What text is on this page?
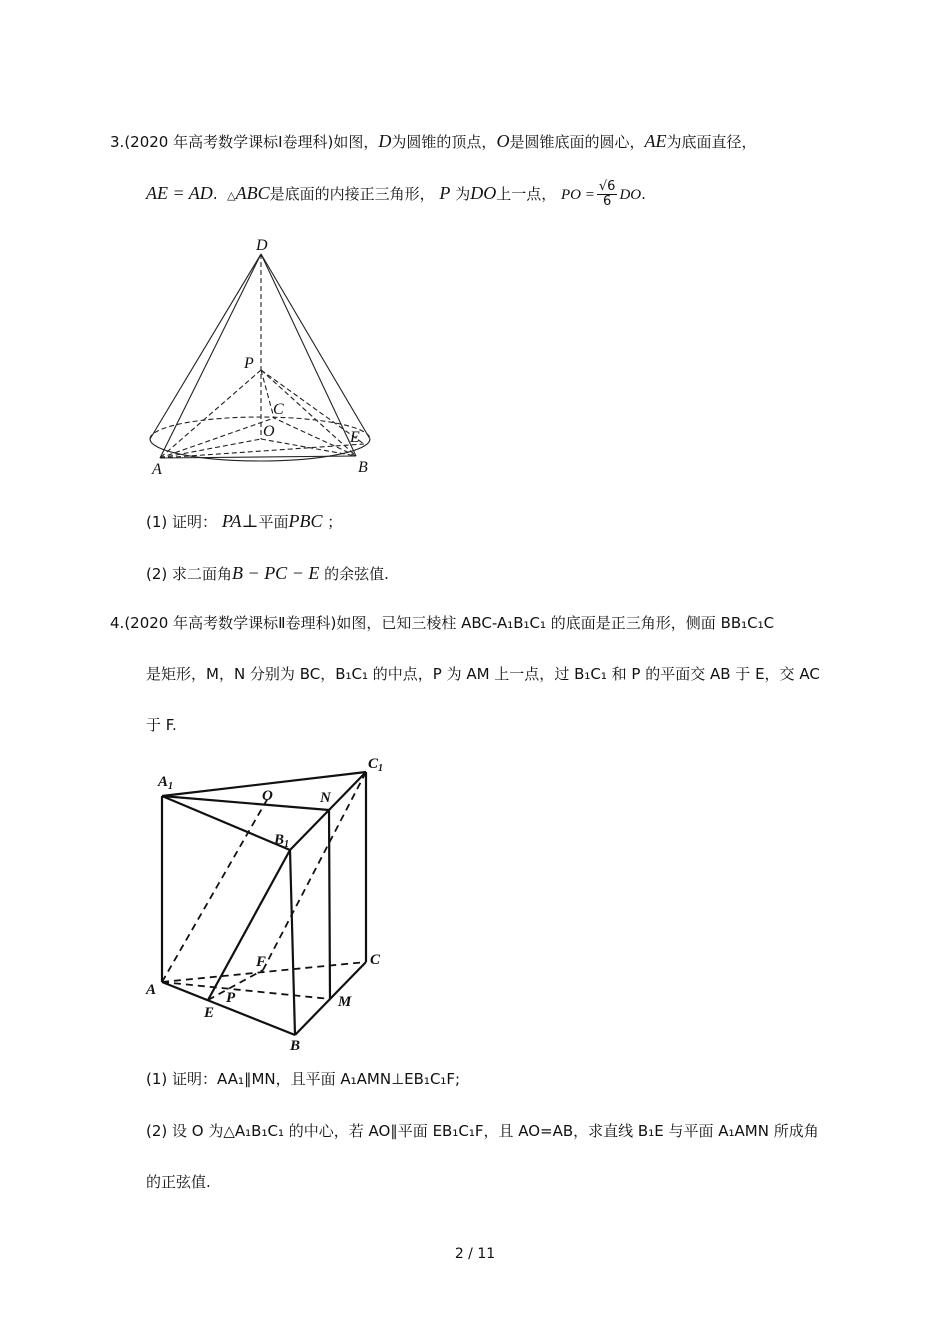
3.(2020 年高考数学课标Ⅰ卷理科)如图，D为圆锥的顶点，O是圆锥底面的圆心，AE为底面直径，
AE = AD. △ABC是底面的内接正三角形， P 为DO上一点， PO = $\frac{√6}{6}$ DO.
D
P
C
O	E
A	B
(1) 证明： PA⊥平面PBC ；
(2) 求二面角B − PC − E 的余弦值.
4.(2020 年高考数学课标Ⅱ卷理科)如图，已知三棱柱 ABC-A₁B₁C₁ 的底面是正三角形，侧面 BB₁C₁C
是矩形，M，N 分别为 BC，B₁C₁ 的中点，P 为 AM 上一点，过 B₁C₁ 和 P 的平面交 AB 于 E，交 AC
于 F.
$A_1$
$C_1$
O	N
$B_1$
F	C
A	P	M
E
B
(1) 证明：AA₁∥MN，且平面 A₁AMN⊥EB₁C₁F;
(2) 设 O 为△A₁B₁C₁ 的中心，若 AO∥平面 EB₁C₁F，且 AO=AB，求直线 B₁E 与平面 A₁AMN 所成角
的正弦值.
2 / 11
